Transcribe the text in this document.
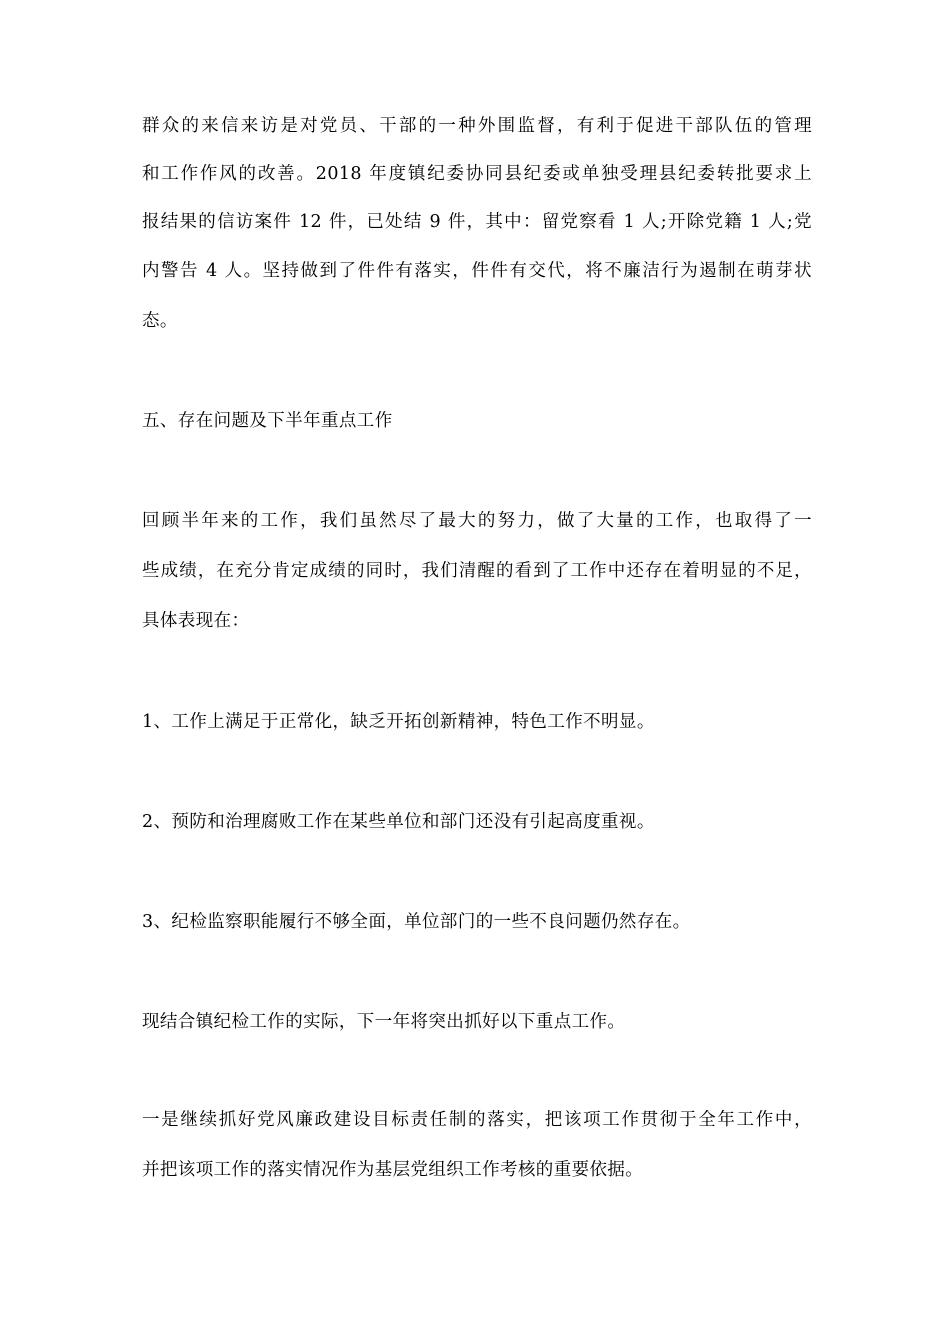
群众的来信来访是对党员、干部的一种外围监督，有利于促进干部队伍的管理
和工作作风的改善。2018 年度镇纪委协同县纪委或单独受理县纪委转批要求上
报结果的信访案件 12 件，已处结 9 件，其中：留党察看 1 人;开除党籍 1 人;党
内警告 4 人。坚持做到了件件有落实，件件有交代，将不廉洁行为遏制在萌芽状
态。
五、存在问题及下半年重点工作
回顾半年来的工作，我们虽然尽了最大的努力，做了大量的工作，也取得了一
些成绩，在充分肯定成绩的同时，我们清醒的看到了工作中还存在着明显的不足，
具体表现在：
1、工作上满足于正常化，缺乏开拓创新精神，特色工作不明显。
2、预防和治理腐败工作在某些单位和部门还没有引起高度重视。
3、纪检监察职能履行不够全面，单位部门的一些不良问题仍然存在。
现结合镇纪检工作的实际，下一年将突出抓好以下重点工作。
一是继续抓好党风廉政建设目标责任制的落实，把该项工作贯彻于全年工作中，
并把该项工作的落实情况作为基层党组织工作考核的重要依据。
